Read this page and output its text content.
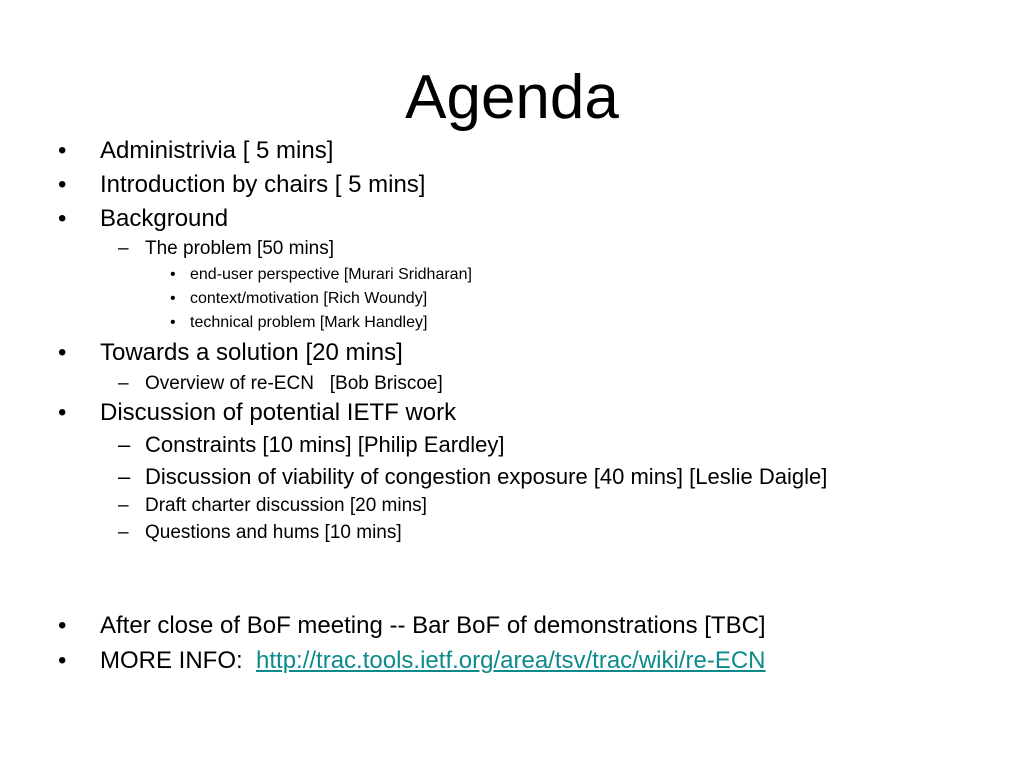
Agenda
• Administrivia [ 5 mins]
• Introduction by chairs [ 5 mins]
• Background
– The problem [50 mins]
• end-user perspective [Murari Sridharan]
• context/motivation [Rich Woundy]
• technical problem [Mark Handley]
• Towards a solution [20 mins]
– Overview of re-ECN   [Bob Briscoe]
• Discussion of potential IETF work
– Constraints [10 mins] [Philip Eardley]
– Discussion of viability of congestion exposure [40 mins] [Leslie Daigle]
– Draft charter discussion [20 mins]
– Questions and hums [10 mins]
• After close of BoF meeting -- Bar BoF of demonstrations [TBC]
• MORE INFO: http://trac.tools.ietf.org/area/tsv/trac/wiki/re-ECN
